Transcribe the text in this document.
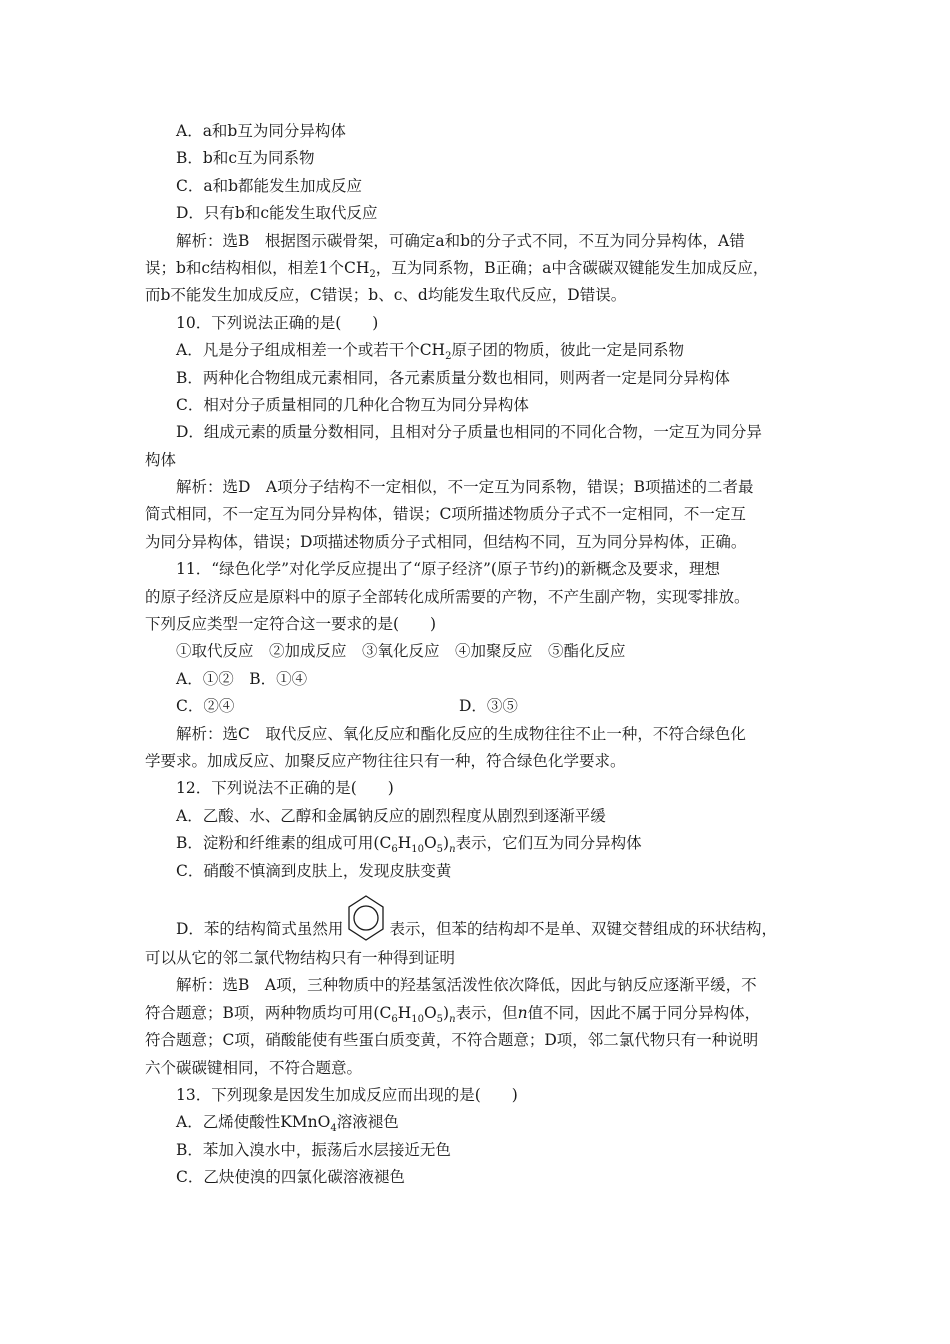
A．a和b互为同分异构体
B．b和c互为同系物
C．a和b都能发生加成反应
D．只有b和c能发生取代反应
解析：选B　根据图示碳骨架，可确定a和b的分子式不同，不互为同分异构体，A错
误；b和c结构相似，相差1个$CH_2$，互为同系物，B正确；a中含碳碳双键能发生加成反应，
而b不能发生加成反应，C错误；b、c、d均能发生取代反应，D错误。
10．下列说法正确的是(　　)
A．凡是分子组成相差一个或若干个$CH_2$原子团的物质，彼此一定是同系物
B．两种化合物组成元素相同，各元素质量分数也相同，则两者一定是同分异构体
C．相对分子质量相同的几种化合物互为同分异构体
D．组成元素的质量分数相同，且相对分子质量也相同的不同化合物，一定互为同分异
构体
解析：选D　A项分子结构不一定相似，不一定互为同系物，错误；B项描述的二者最
简式相同，不一定互为同分异构体，错误；C项所描述物质分子式不一定相同，不一定互
为同分异构体，错误；D项描述物质分子式相同，但结构不同，互为同分异构体，正确。
11．“绿色化学”对化学反应提出了“原子经济”(原子节约)的新概念及要求，理想
的原子经济反应是原料中的原子全部转化成所需要的产物，不产生副产物，实现零排放。
下列反应类型一定符合这一要求的是(　　)
①取代反应　②加成反应　③氧化反应　④加聚反应　⑤酯化反应
A．①②　B．①④
C．②④	D．③⑤
解析：选C　取代反应、氧化反应和酯化反应的生成物往往不止一种，不符合绿色化
学要求。加成反应、加聚反应产物往往只有一种，符合绿色化学要求。
12．下列说法不正确的是(　　)
A．乙酸、水、乙醇和金属钠反应的剧烈程度从剧烈到逐渐平缓
B．淀粉和纤维素的组成可用$(C_6H_{10}O_5)_n$表示，它们互为同分异构体
C．硝酸不慎滴到皮肤上，发现皮肤变黄
D．苯的结构简式虽然用	表示，但苯的结构却不是单、双键交替组成的环状结构，
可以从它的邻二氯代物结构只有一种得到证明
解析：选B　A项，三种物质中的羟基氢活泼性依次降低，因此与钠反应逐渐平缓，不
符合题意；B项，两种物质均可用$(C_6H_{10}O_5)_n$表示，但n值不同，因此不属于同分异构体，
符合题意；C项，硝酸能使有些蛋白质变黄，不符合题意；D项，邻二氯代物只有一种说明
六个碳碳键相同，不符合题意。
13．下列现象是因发生加成反应而出现的是(　　)
A．乙烯使酸性KMnO$_4$溶液褪色
B．苯加入溴水中，振荡后水层接近无色
C．乙炔使溴的四氯化碳溶液褪色
